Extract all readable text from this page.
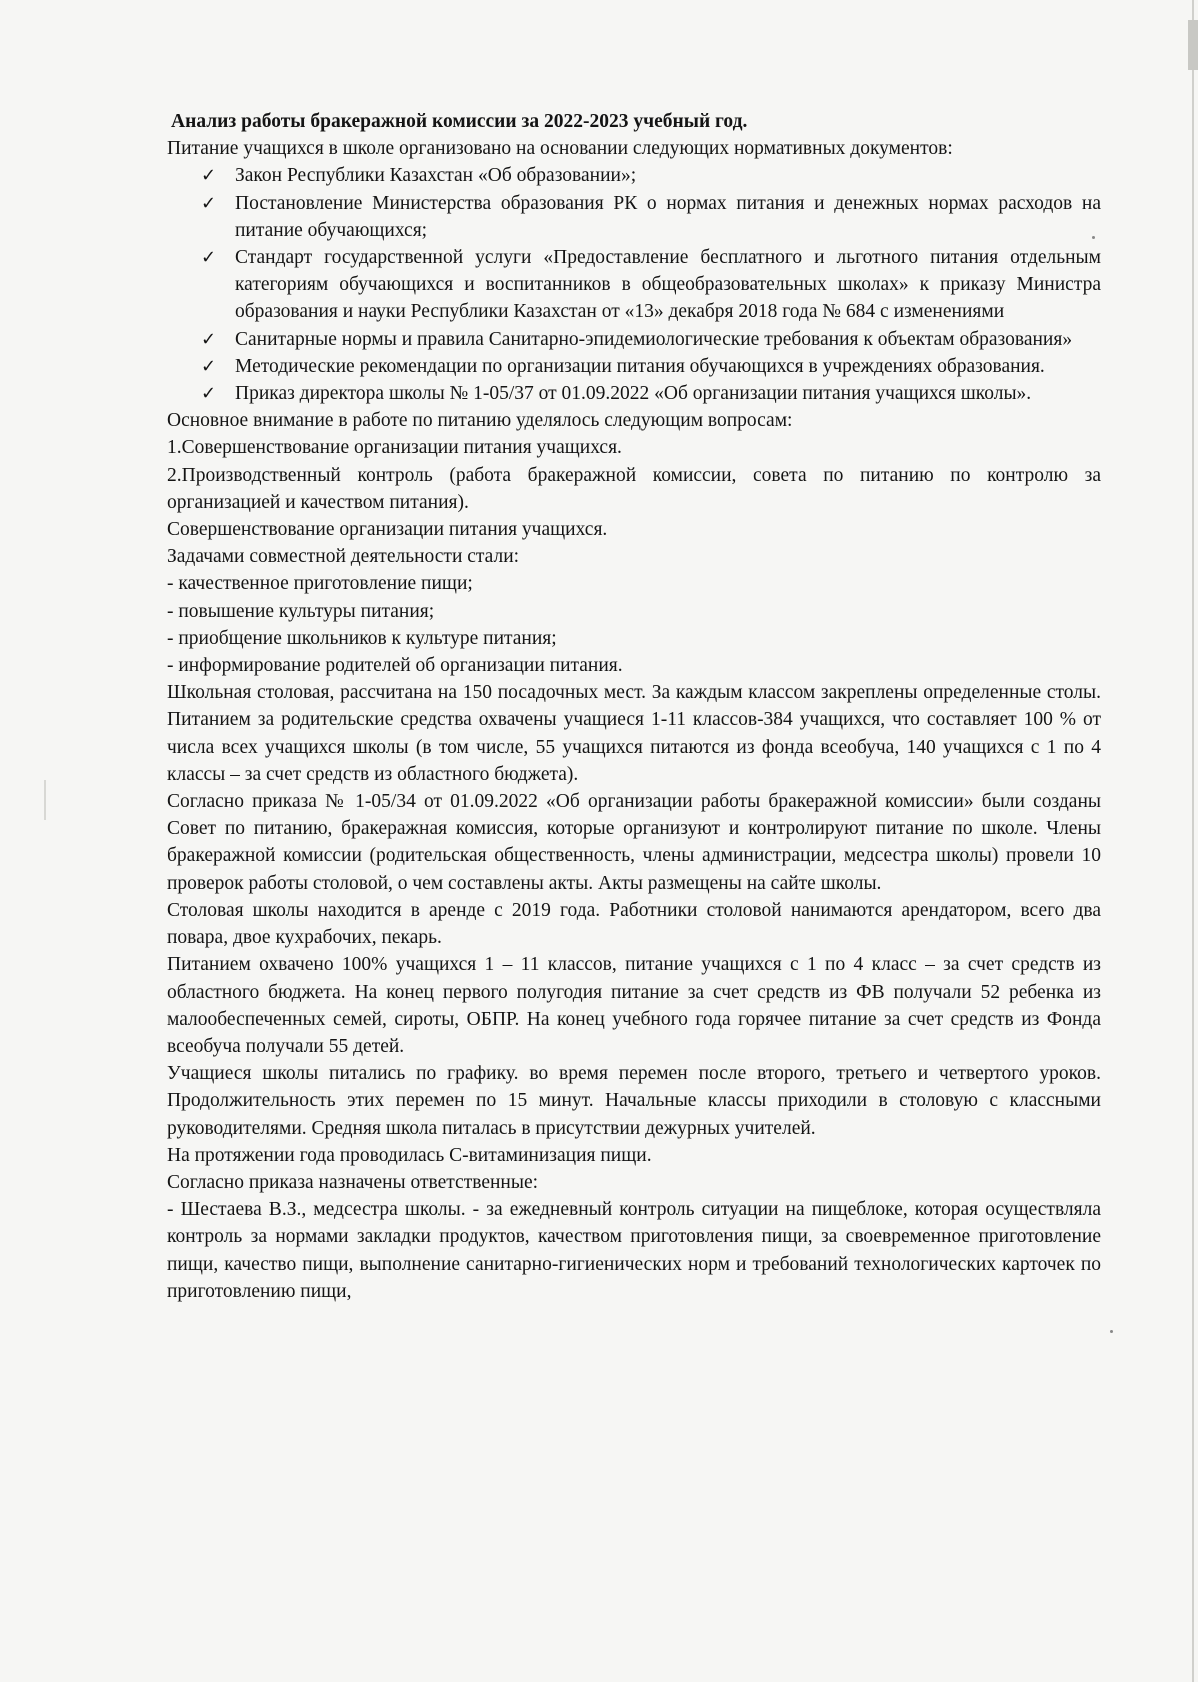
Анализ работы бракеражной комиссии за 2022-2023 учебный год.

Питание учащихся в школе организовано на основании следующих нормативных документов:

✓ Закон Республики Казахстан «Об образовании»;
✓ Постановление Министерства образования РК о нормах питания и денежных нормах расходов на питание обучающихся;
✓ Стандарт государственной услуги «Предоставление бесплатного и льготного питания отдельным категориям обучающихся и воспитанников в общеобразовательных школах» к приказу Министра образования и науки Республики Казахстан от «13» декабря 2018 года № 684 с изменениями
✓ Санитарные нормы и правила Санитарно-эпидемиологические требования к объектам образования»
✓ Методические рекомендации по организации питания обучающихся в учреждениях образования.
✓ Приказ директора школы № 1-05/37 от 01.09.2022 «Об организации питания учащихся школы».

Основное внимание в работе по питанию уделялось следующим вопросам:

1.Совершенствование организации питания учащихся.

2.Производственный контроль (работа бракеражной комиссии, совета по питанию по контролю за организацией и качеством питания).

Совершенствование организации питания учащихся.

Задачами совместной деятельности стали:

- качественное приготовление пищи;

- повышение культуры питания;

- приобщение школьников к культуре питания;

- информирование родителей об организации питания.

Школьная столовая, рассчитана на 150 посадочных мест. За каждым классом закреплены определенные столы. Питанием за родительские средства охвачены учащиеся 1-11 классов-384 учащихся, что составляет 100 % от числа всех учащихся школы (в том числе, 55 учащихся питаются из фонда всеобуча, 140 учащихся с 1 по 4 классы – за счет средств из областного бюджета).

Согласно приказа № 1-05/34 от 01.09.2022 «Об организации работы бракеражной комиссии» были созданы Совет по питанию, бракеражная комиссия, которые организуют и контролируют питание по школе. Члены бракеражной комиссии (родительская общественность, члены администрации, медсестра школы) провели 10 проверок работы столовой, о чем составлены акты. Акты размещены на сайте школы.

Столовая школы находится в аренде с 2019 года. Работники столовой нанимаются арендатором, всего два повара, двое кухрабочих, пекарь.

Питанием охвачено 100% учащихся 1 – 11 классов, питание учащихся с 1 по 4 класс – за счет средств из областного бюджета. На конец первого полугодия питание за счет средств из ФВ получали 52 ребенка из малообеспеченных семей, сироты, ОБПР. На конец учебного года горячее питание за счет средств из Фонда всеобуча получали 55 детей.

Учащиеся школы питались по графику. во время перемен после второго, третьего и четвертого уроков. Продолжительность этих перемен по 15 минут. Начальные классы приходили в столовую с классными руководителями. Средняя школа питалась в присутствии дежурных учителей.

На протяжении года проводилась С-витаминизация пищи.

Согласно приказа назначены ответственные:

- Шестаева В.З., медсестра школы. - за ежедневный контроль ситуации на пищеблоке, которая осуществляла контроль за нормами закладки продуктов, качеством приготовления пищи, за своевременное приготовление пищи, качество пищи, выполнение санитарно-гигиенических норм и требований технологических карточек по приготовлению пищи,
